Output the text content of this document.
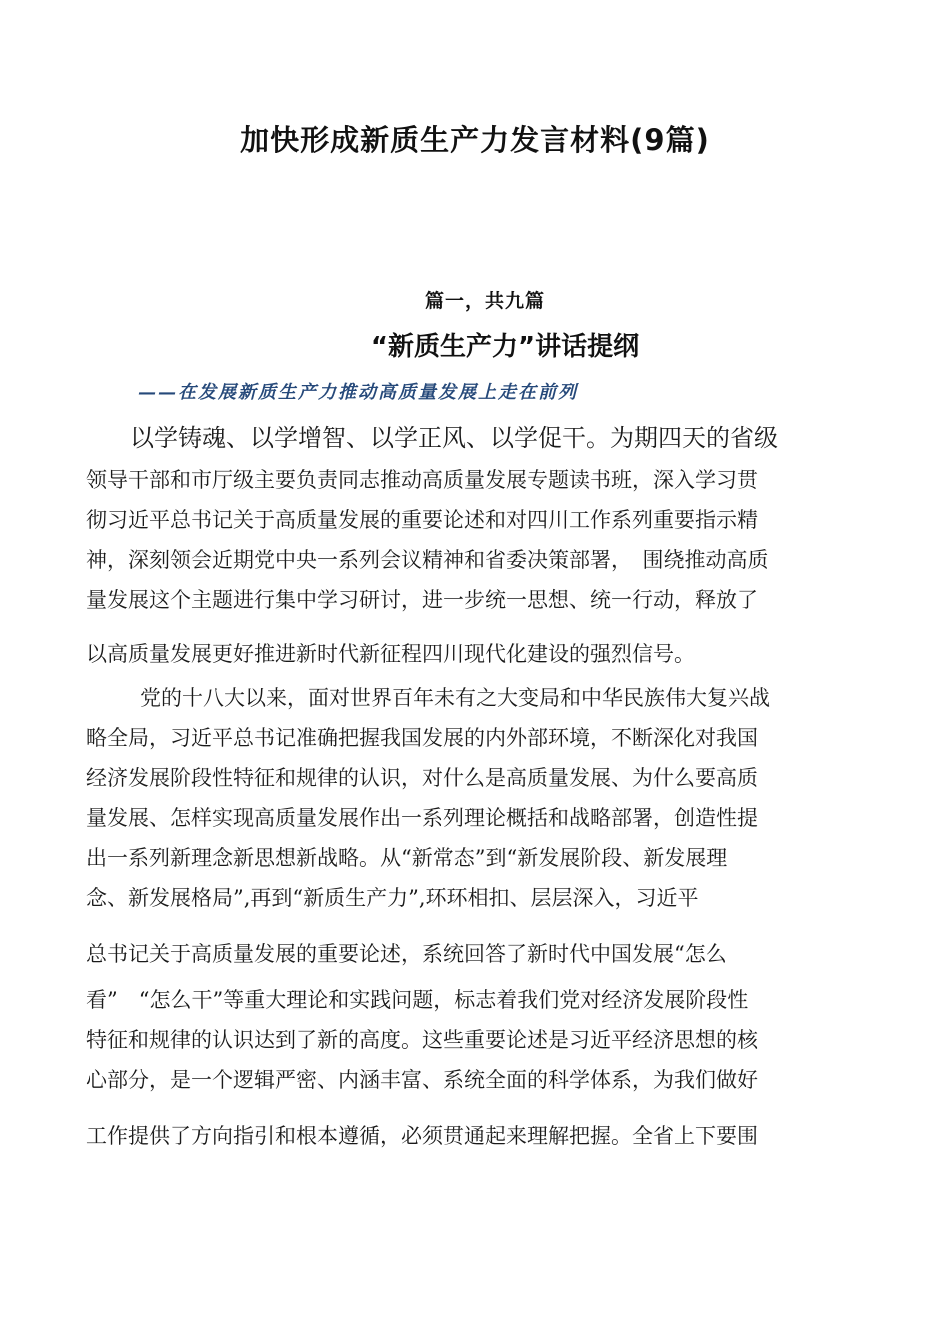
加快形成新质生产力发言材料(9篇)
篇一，共九篇
“新质生产力”讲话提纲
——在发展新质生产力推动高质量发展上走在前列
以学铸魂、以学增智、以学正风、以学促干。为期四天的省级
领导干部和市厅级主要负责同志推动高质量发展专题读书班，深入学习贯
彻习近平总书记关于高质量发展的重要论述和对四川工作系列重要指示精
神，深刻领会近期党中央一系列会议精神和省委决策部署，　围绕推动高质
量发展这个主题进行集中学习研讨，进一步统一思想、统一行动，释放了
以高质量发展更好推进新时代新征程四川现代化建设的强烈信号。
党的十八大以来，面对世界百年未有之大变局和中华民族伟大复兴战
略全局，习近平总书记准确把握我国发展的内外部环境，不断深化对我国
经济发展阶段性特征和规律的认识，对什么是高质量发展、为什么要高质
量发展、怎样实现高质量发展作出一系列理论概括和战略部署，创造性提
出一系列新理念新思想新战略。从“新常态”到“新发展阶段、新发展理
念、新发展格局”,再到“新质生产力”,环环相扣、层层深入，习近平
总书记关于高质量发展的重要论述，系统回答了新时代中国发展“怎么
看”　“怎么干”等重大理论和实践问题，标志着我们党对经济发展阶段性
特征和规律的认识达到了新的高度。这些重要论述是习近平经济思想的核
心部分，是一个逻辑严密、内涵丰富、系统全面的科学体系，为我们做好
工作提供了方向指引和根本遵循，必须贯通起来理解把握。全省上下要围
